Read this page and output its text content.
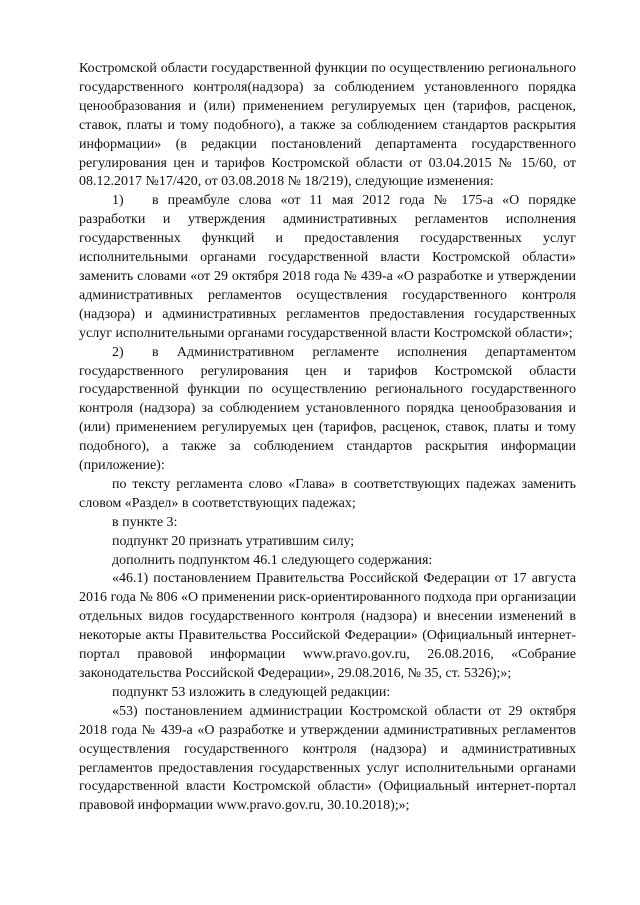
Костромской области государственной функции по осуществлению регионального государственного контроля(надзора) за соблюдением установленного порядка ценообразования и (или) применением регулируемых цен (тарифов, расценок, ставок, платы и тому подобного), а также за соблюдением стандартов раскрытия информации» (в редакции постановлений департамента государственного регулирования цен и тарифов Костромской области от 03.04.2015 № 15/60, от 08.12.2017 №17/420, от 03.08.2018 № 18/219), следующие изменения:

1) в преамбуле слова «от 11 мая 2012 года № 175-а «О порядке разработки и утверждения административных регламентов исполнения государственных функций и предоставления государственных услуг исполнительными органами государственной власти Костромской области» заменить словами «от 29 октября 2018 года № 439-а «О разработке и утверждении административных регламентов осуществления государственного контроля (надзора) и административных регламентов предоставления государственных услуг исполнительными органами государственной власти Костромской области»;

2) в Административном регламенте исполнения департаментом государственного регулирования цен и тарифов Костромской области государственной функции по осуществлению регионального государственного контроля (надзора) за соблюдением установленного порядка ценообразования и (или) применением регулируемых цен (тарифов, расценок, ставок, платы и тому подобного), а также за соблюдением стандартов раскрытия информации (приложение):

по тексту регламента слово «Глава» в соответствующих падежах заменить словом «Раздел» в соответствующих падежах;

в пункте 3:

подпункт 20 признать утратившим силу;

дополнить подпунктом 46.1 следующего содержания:

«46.1) постановлением Правительства Российской Федерации от 17 августа 2016 года № 806 «О применении риск-ориентированного подхода при организации отдельных видов государственного контроля (надзора) и внесении изменений в некоторые акты Правительства Российской Федерации» (Официальный интернет-портал правовой информации www.pravo.gov.ru, 26.08.2016, «Собрание законодательства Российской Федерации», 29.08.2016, № 35, ст. 5326);»;

подпункт 53 изложить в следующей редакции:

«53) постановлением администрации Костромской области от 29 октября 2018 года № 439-а «О разработке и утверждении административных регламентов осуществления государственного контроля (надзора) и административных регламентов предоставления государственных услуг исполнительными органами государственной власти Костромской области» (Официальный интернет-портал правовой информации www.pravo.gov.ru, 30.10.2018);»;
